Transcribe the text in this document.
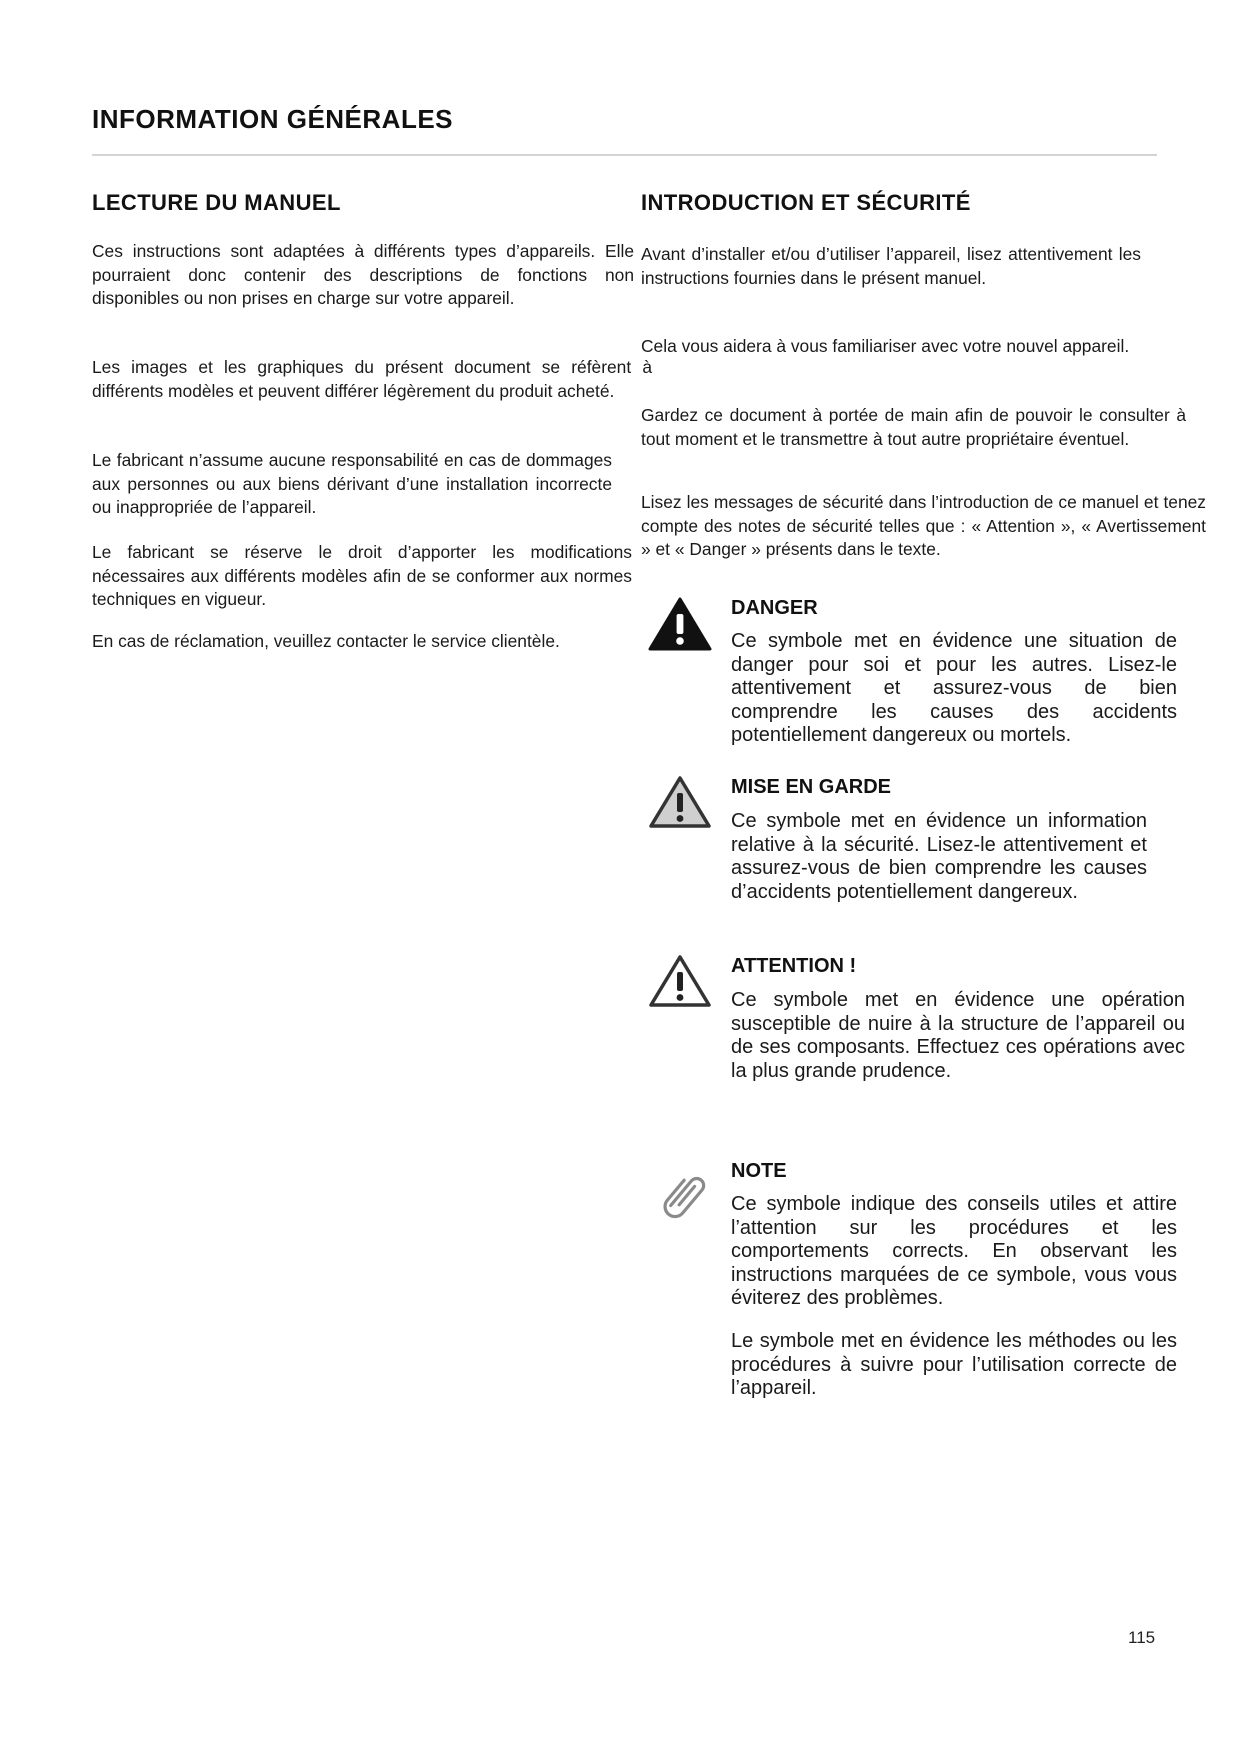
INFORMATION GÉNÉRALES
LECTURE DU MANUEL

Ces instructions sont adaptées à différents types d’appareils. Elle pourraient donc contenir des descriptions de fonctions non disponibles ou non prises en charge sur votre appareil.

Les images et les graphiques du présent document se réfèrent à différents modèles et peuvent différer légèrement du produit acheté.

Le fabricant n’assume aucune responsabilité en cas de dommages aux personnes ou aux biens dérivant d’une installation incorrecte ou inappropriée de l’appareil.

Le fabricant se réserve le droit d’apporter les modifications nécessaires aux différents modèles afin de se conformer aux normes techniques en vigueur.

En cas de réclamation, veuillez contacter le service clientèle.

INTRODUCTION ET SÉCURITÉ

Avant d’installer et/ou d’utiliser l’appareil, lisez attentivement les instructions fournies dans le présent manuel.

Cela vous aidera à vous familiariser avec votre nouvel appareil.

Gardez ce document à portée de main afin de pouvoir le consulter à tout moment et le transmettre à tout autre propriétaire éventuel.

Lisez les messages de sécurité dans l’introduction de ce manuel et tenez compte des notes de sécurité telles que : « Attention », « Avertissement » et « Danger » présents dans le texte.

DANGER

Ce symbole met en évidence une situation de danger pour soi et pour les autres. Lisez-le attentivement et assurez-vous de bien comprendre les causes des accidents potentiellement dangereux ou mortels.

MISE EN GARDE

Ce symbole met en évidence un information relative à la sécurité. Lisez-le attentivement et assurez-vous de bien comprendre les causes d’accidents potentiellement dangereux.

ATTENTION !

Ce symbole met en évidence une opération susceptible de nuire à la structure de l’appareil ou de ses composants. Effectuez ces opérations avec la plus grande prudence.

NOTE

Ce symbole indique des conseils utiles et attire l’attention sur les procédures et les comportements corrects. En observant les instructions marquées de ce symbole, vous vous éviterez des problèmes.

Le symbole met en évidence les méthodes ou les procédures à suivre pour l’utilisation correcte de l’appareil.

115
